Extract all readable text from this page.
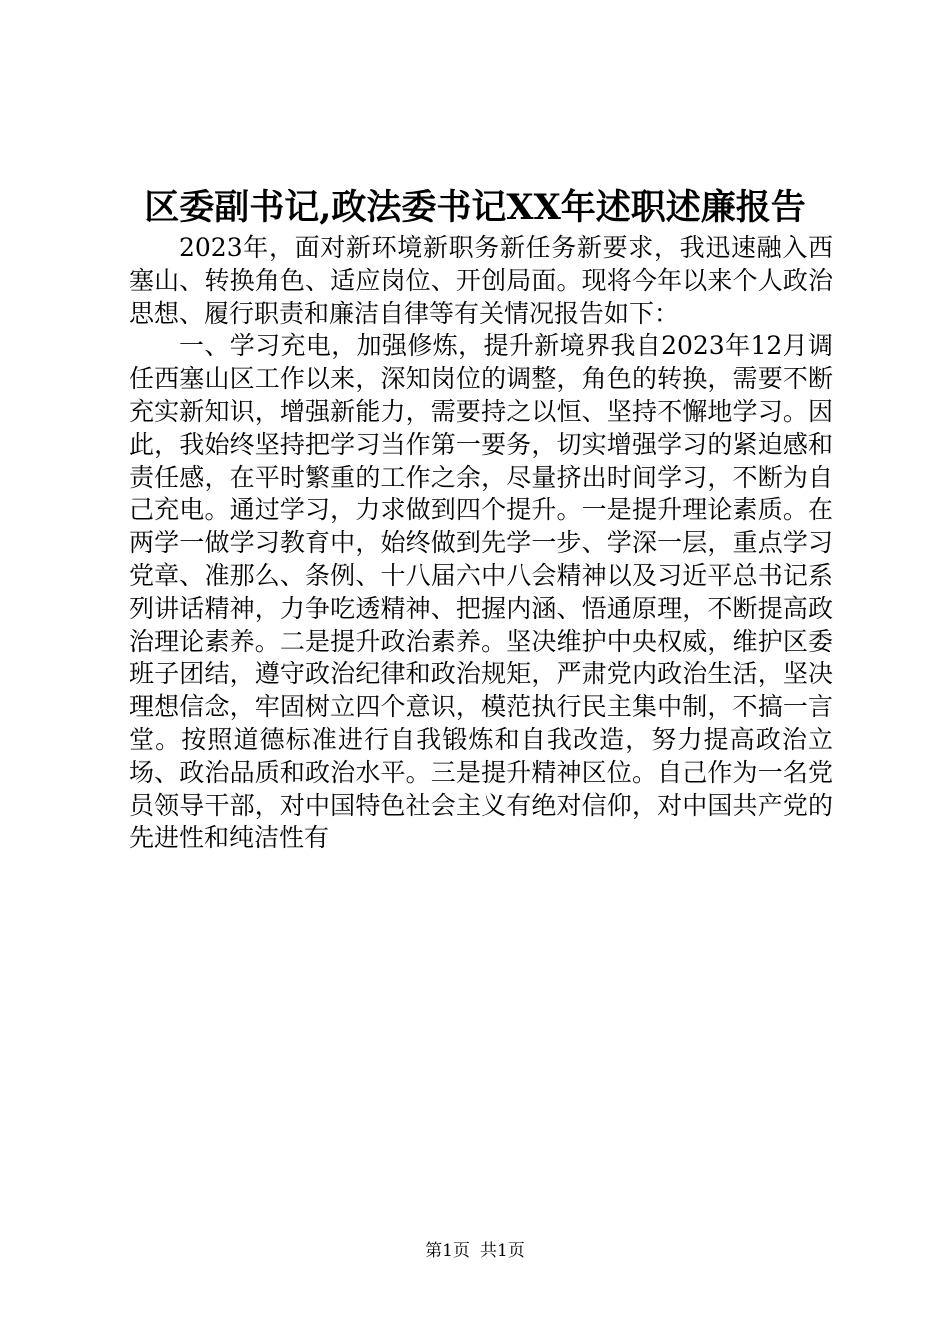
区委副书记,政法委书记XX年述职述廉报告

2023年，面对新环境新职务新任务新要求，我迅速融入西塞山、转换角色、适应岗位、开创局面。现将今年以来个人政治思想、履行职责和廉洁自律等有关情况报告如下：

一、学习充电，加强修炼，提升新境界我自2023年12月调任西塞山区工作以来，深知岗位的调整，角色的转换，需要不断充实新知识，增强新能力，需要持之以恒、坚持不懈地学习。因此，我始终坚持把学习当作第一要务，切实增强学习的紧迫感和责任感，在平时繁重的工作之余，尽量挤出时间学习，不断为自己充电。通过学习，力求做到四个提升。一是提升理论素质。在两学一做学习教育中，始终做到先学一步、学深一层，重点学习党章、准那么、条例、十八届六中八会精神以及习近平总书记系列讲话精神，力争吃透精神、把握内涵、悟通原理，不断提高政治理论素养。二是提升政治素养。坚决维护中央权威，维护区委班子团结，遵守政治纪律和政治规矩，严肃党内政治生活，坚决理想信念，牢固树立四个意识，模范执行民主集中制，不搞一言堂。按照道德标准进行自我锻炼和自我改造，努力提高政治立场、政治品质和政治水平。三是提升精神区位。自己作为一名党员领导干部，对中国特色社会主义有绝对信仰，对中国共产党的先进性和纯洁性有

第1页 共1页
